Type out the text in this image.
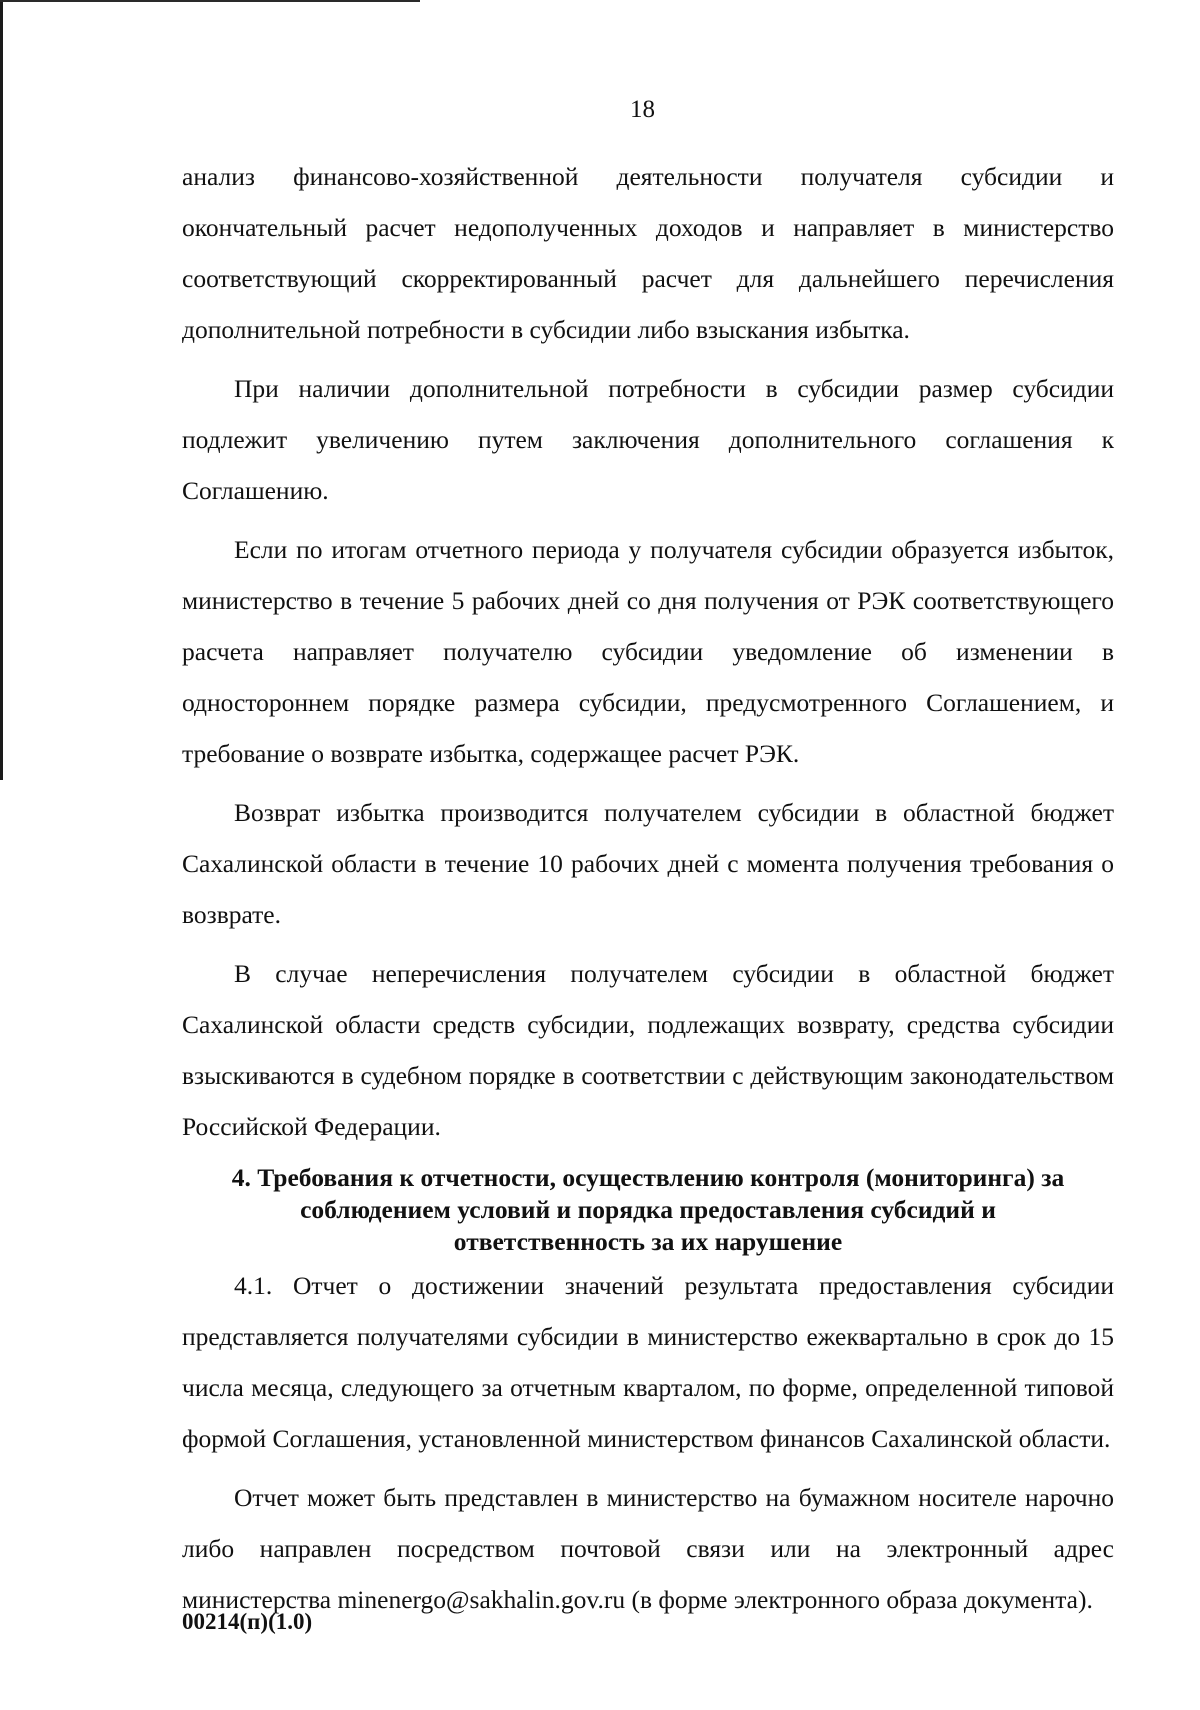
18

анализ финансово-хозяйственной деятельности получателя субсидии и окончательный расчет недополученных доходов и направляет в министерство соответствующий скорректированный расчет для дальнейшего перечисления дополнительной потребности в субсидии либо взыскания избытка.

При наличии дополнительной потребности в субсидии размер субсидии подлежит увеличению путем заключения дополнительного соглашения к Соглашению.

Если по итогам отчетного периода у получателя субсидии образуется избыток, министерство в течение 5 рабочих дней со дня получения от РЭК соответствующего расчета направляет получателю субсидии уведомление об изменении в одностороннем порядке размера субсидии, предусмотренного Соглашением, и требование о возврате избытка, содержащее расчет РЭК.

Возврат избытка производится получателем субсидии в областной бюджет Сахалинской области в течение 10 рабочих дней с момента получения требования о возврате.

В случае неперечисления получателем субсидии в областной бюджет Сахалинской области средств субсидии, подлежащих возврату, средства субсидии взыскиваются в судебном порядке в соответствии с действующим законодательством Российской Федерации.

4. Требования к отчетности, осуществлению контроля (мониторинга) за соблюдением условий и порядка предоставления субсидий и ответственность за их нарушение

4.1. Отчет о достижении значений результата предоставления субсидии представляется получателями субсидии в министерство ежеквартально в срок до 15 числа месяца, следующего за отчетным кварталом, по форме, определенной типовой формой Соглашения, установленной министерством финансов Сахалинской области.

Отчет может быть представлен в министерство на бумажном носителе нарочно либо направлен посредством почтовой связи или на электронный адрес министерства minenergo@sakhalin.gov.ru (в форме электронного образа документа).

00214(п)(1.0)
